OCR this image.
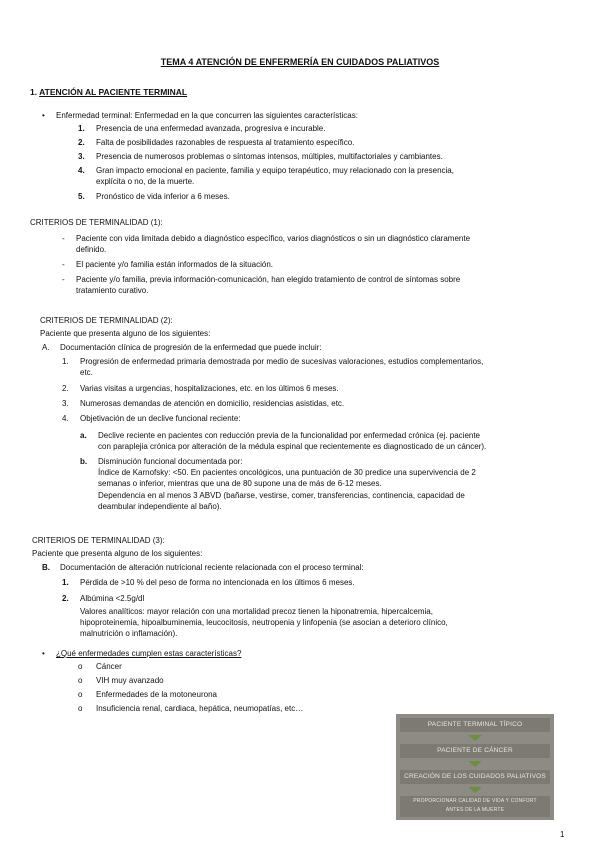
TEMA 4 ATENCIÓN DE ENFERMERÍA EN CUIDADOS PALIATIVOS
1. ATENCIÓN AL PACIENTE TERMINAL
• Enfermedad terminal: Enfermedad en la que concurren las siguientes características:
1. Presencia de una enfermedad avanzada, progresiva e incurable.
2. Falta de posibilidades razonables de respuesta al tratamiento específico.
3. Presencia de numerosos problemas o síntomas intensos, múltiples, multifactoriales y cambiantes.
4. Gran impacto emocional en paciente, familia y equipo terapéutico, muy relacionado con la presencia,
explícita o no, de la muerte.
5. Pronóstico de vida inferior a 6 meses.
CRITERIOS DE TERMINALIDAD (1):
- Paciente con vida limitada debido a diagnóstico específico, varios diagnósticos o sin un diagnóstico claramente
definido.
- El paciente y/o familia están informados de la situación.
- Paciente y/o familia, previa información-comunicación, han elegido tratamiento de control de síntomas sobre
tratamiento curativo.
CRITERIOS DE TERMINALIDAD (2):
Paciente que presenta alguno de los siguientes:
A. Documentación clínica de progresión de la enfermedad que puede incluir:
1. Progresión de enfermedad primaria demostrada por medio de sucesivas valoraciones, estudios complementarios,
etc.
2. Varias visitas a urgencias, hospitalizaciones, etc. en los últimos 6 meses.
3. Numerosas demandas de atención en domicilio, residencias asistidas, etc.
4. Objetivación de un declive funcional reciente:
a. Declive reciente en pacientes con reducción previa de la funcionalidad por enfermedad crónica (ej. paciente
con paraplejia crónica por alteración de la médula espinal que recientemente es diagnosticado de un cáncer).
b. Disminución funcional documentada por:
Índice de Karnofsky: <50. En pacientes oncológicos, una puntuación de 30 predice una supervivencia de 2
semanas o inferior, mientras que una de 80 supone una de más de 6-12 meses.
Dependencia en al menos 3 ABVD (bañarse, vestirse, comer, transferencias, continencia, capacidad de
deambular independiente al baño).
CRITERIOS DE TERMINALIDAD (3):
Paciente que presenta alguno de los siguientes:
B. Documentación de alteración nutricional reciente relacionada con el proceso terminal:
1. Pérdida de >10 % del peso de forma no intencionada en los últimos 6 meses.
2. Albúmina <2.5g/dl
Valores analíticos: mayor relación con una mortalidad precoz tienen la hiponatremia, hipercalcemia,
hipoproteinemia, hipoalbuminemia, leucocitosis, neutropenia y linfopenia (se asocian a deterioro clínico,
malnutrición o inflamación).
• ¿Qué enfermedades cumplen estas características?
o Cáncer
o VIH muy avanzado
o Enfermedades de la motoneurona
o Insuficiencia renal, cardiaca, hepática, neumopatías, etc…
PACIENTE TERMINAL TÍPICO
PACIENTE DE CÁNCER
CREACIÓN DE LOS CUIDADOS PALIATIVOS
PROPORCIONAR CALIDAD DE VIDA Y CONFORT
ANTES DE LA MUERTE
1
